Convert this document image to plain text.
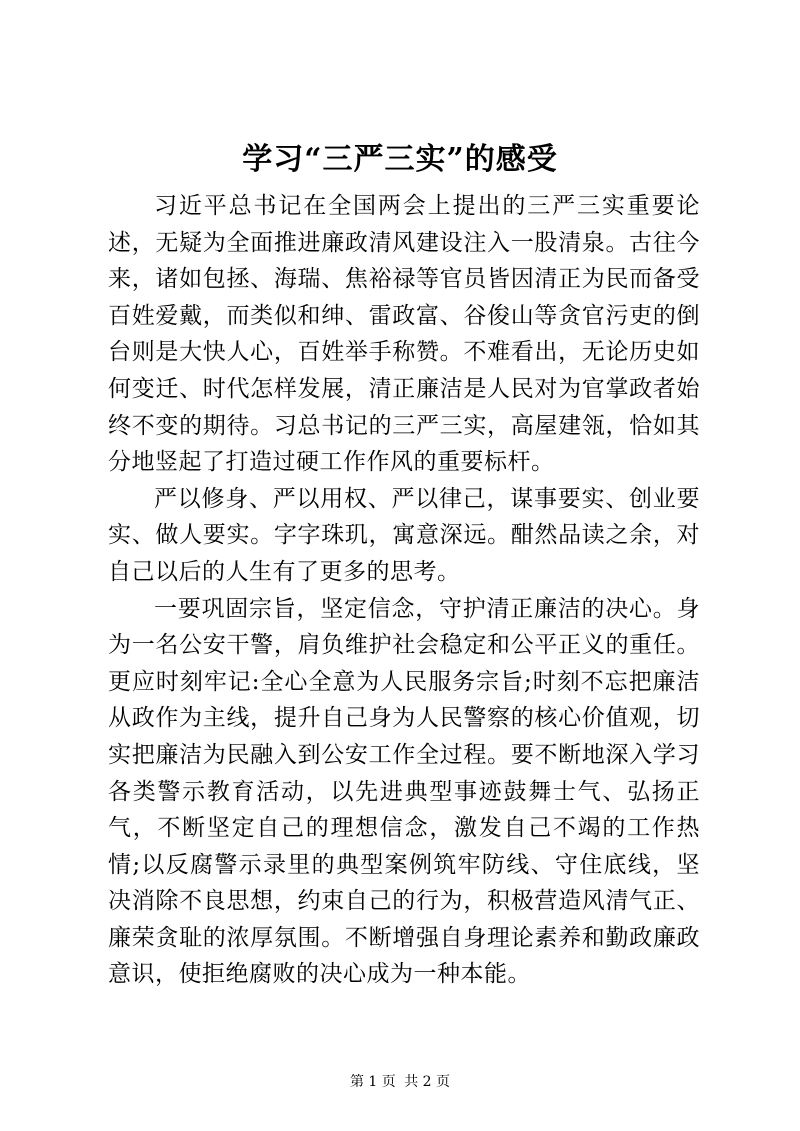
学习“三严三实”的感受

习近平总书记在全国两会上提出的三严三实重要论述，无疑为全面推进廉政清风建设注入一股清泉。古往今来，诸如包拯、海瑞、焦裕禄等官员皆因清正为民而备受百姓爱戴，而类似和绅、雷政富、谷俊山等贪官污吏的倒台则是大快人心，百姓举手称赞。不难看出，无论历史如何变迁、时代怎样发展，清正廉洁是人民对为官掌政者始终不变的期待。习总书记的三严三实，高屋建瓴，恰如其分地竖起了打造过硬工作作风的重要标杆。

严以修身、严以用权、严以律己，谋事要实、创业要实、做人要实。字字珠玑，寓意深远。酣然品读之余，对自己以后的人生有了更多的思考。

一要巩固宗旨，坚定信念，守护清正廉洁的决心。身为一名公安干警，肩负维护社会稳定和公平正义的重任。更应时刻牢记:全心全意为人民服务宗旨;时刻不忘把廉洁从政作为主线，提升自己身为人民警察的核心价值观，切实把廉洁为民融入到公安工作全过程。要不断地深入学习各类警示教育活动，以先进典型事迹鼓舞士气、弘扬正气，不断坚定自己的理想信念，激发自己不竭的工作热情;以反腐警示录里的典型案例筑牢防线、守住底线，坚决消除不良思想，约束自己的行为，积极营造风清气正、廉荣贪耻的浓厚氛围。不断增强自身理论素养和勤政廉政意识，使拒绝腐败的决心成为一种本能。

第 1 页 共 2 页
